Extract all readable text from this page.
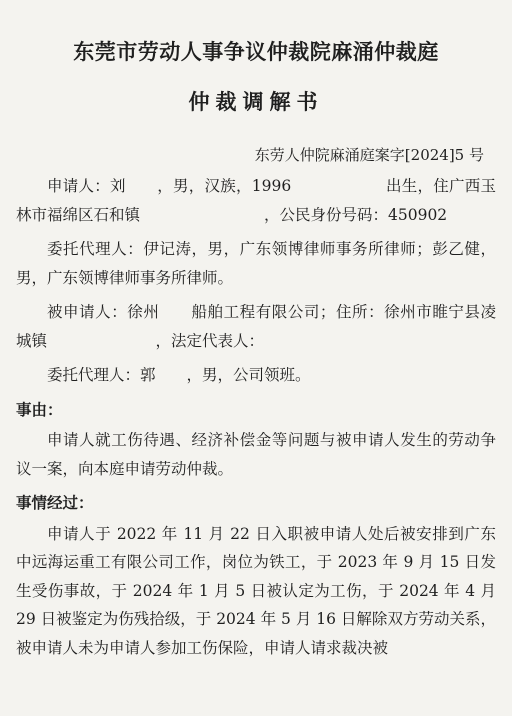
东莞市劳动人事争议仲裁院麻涌仲裁庭
仲裁调解书
东劳人仲院麻涌庭案字[2024]5 号

申请人：刘　　，男，汉族，1996　　　　　　出生，住广西玉林市福绵区石和镇　　　　　　　　，公民身份号码：450902

委托代理人：伊记涛，男，广东领博律师事务所律师；彭乙健，男，广东领博律师事务所律师。

被申请人：徐州　　船舶工程有限公司；住所：徐州市睢宁县凌城镇　　　　　　　，法定代表人：

委托代理人：郭　　，男，公司领班。

事由：

申请人就工伤待遇、经济补偿金等问题与被申请人发生的劳动争议一案，向本庭申请劳动仲裁。

事情经过：

申请人于 2022 年 11 月 22 日入职被申请人处后被安排到广东中远海运重工有限公司工作，岗位为铁工，于 2023 年 9 月 15 日发生受伤事故，于 2024 年 1 月 5 日被认定为工伤，于 2024 年 4 月 29 日被鉴定为伤残拾级，于 2024 年 5 月 16 日解除双方劳动关系，被申请人未为申请人参加工伤保险，申请人请求裁决被
